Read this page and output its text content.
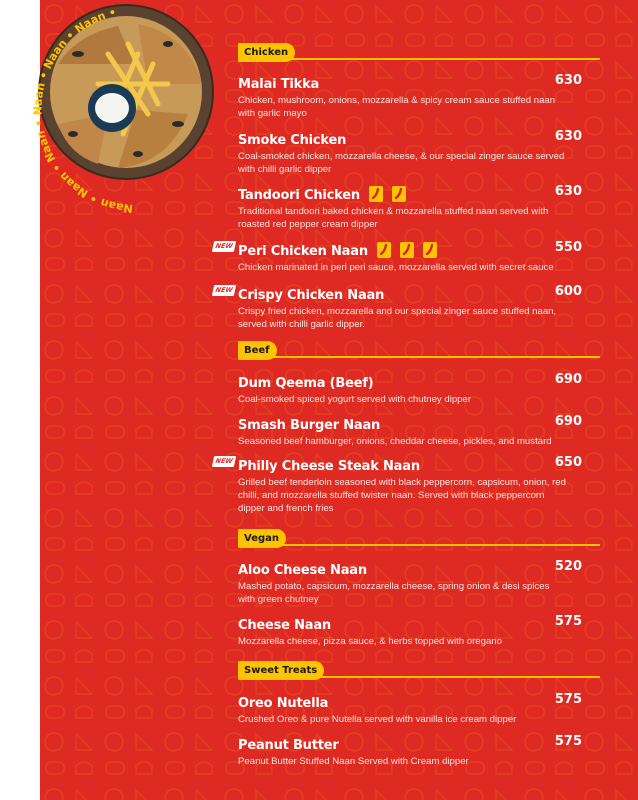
Naan • Naan • Naan • Naan • Naan • Naan •
Chicken
Beef
Vegan
Sweet Treats
Malai Tikka	630
Chicken, mushroom, onions, mozzarella & spicy cream sauce stuffed naan with garlic mayo
Smoke Chicken	630
Coal-smoked chicken, mozzarella cheese, & our special zinger sauce served with chilli garlic dipper
Tandoori Chicken	630
Traditional tandoori baked chicken & mozzarella stuffed naan served with roasted red pepper cream dipper
NEW Peri Chicken Naan	550
Chicken marinated in peri peri sauce, mozzarella served with secret sauce
NEW Crispy Chicken Naan	600
Crispy fried chicken, mozzarella and our special zinger sauce stuffed naan, served with chilli garlic dipper.
Dum Qeema (Beef)	690
Coal-smoked spiced yogurt served with chutney dipper
Smash Burger Naan	690
Seasoned beef hamburger, onions, cheddar cheese, pickles, and mustard
NEW Philly Cheese Steak Naan	650
Grilled beef tenderloin seasoned with black peppercorn, capsicum, onion, red chilli, and mozzarella stuffed twister naan. Served with black peppercorn dipper and french fries
Aloo Cheese Naan	520
Mashed potato, capsicum, mozzarella cheese, spring onion & desi spices with green chutney
Cheese Naan	575
Mozzarella cheese, pizza sauce, & herbs topped with oregano
Oreo Nutella	575
Crushed Oreo & pure Nutella served with vanilla ice cream dipper
Peanut Butter	575
Peanut Butter Stuffed Naan Served with Cream dipper
